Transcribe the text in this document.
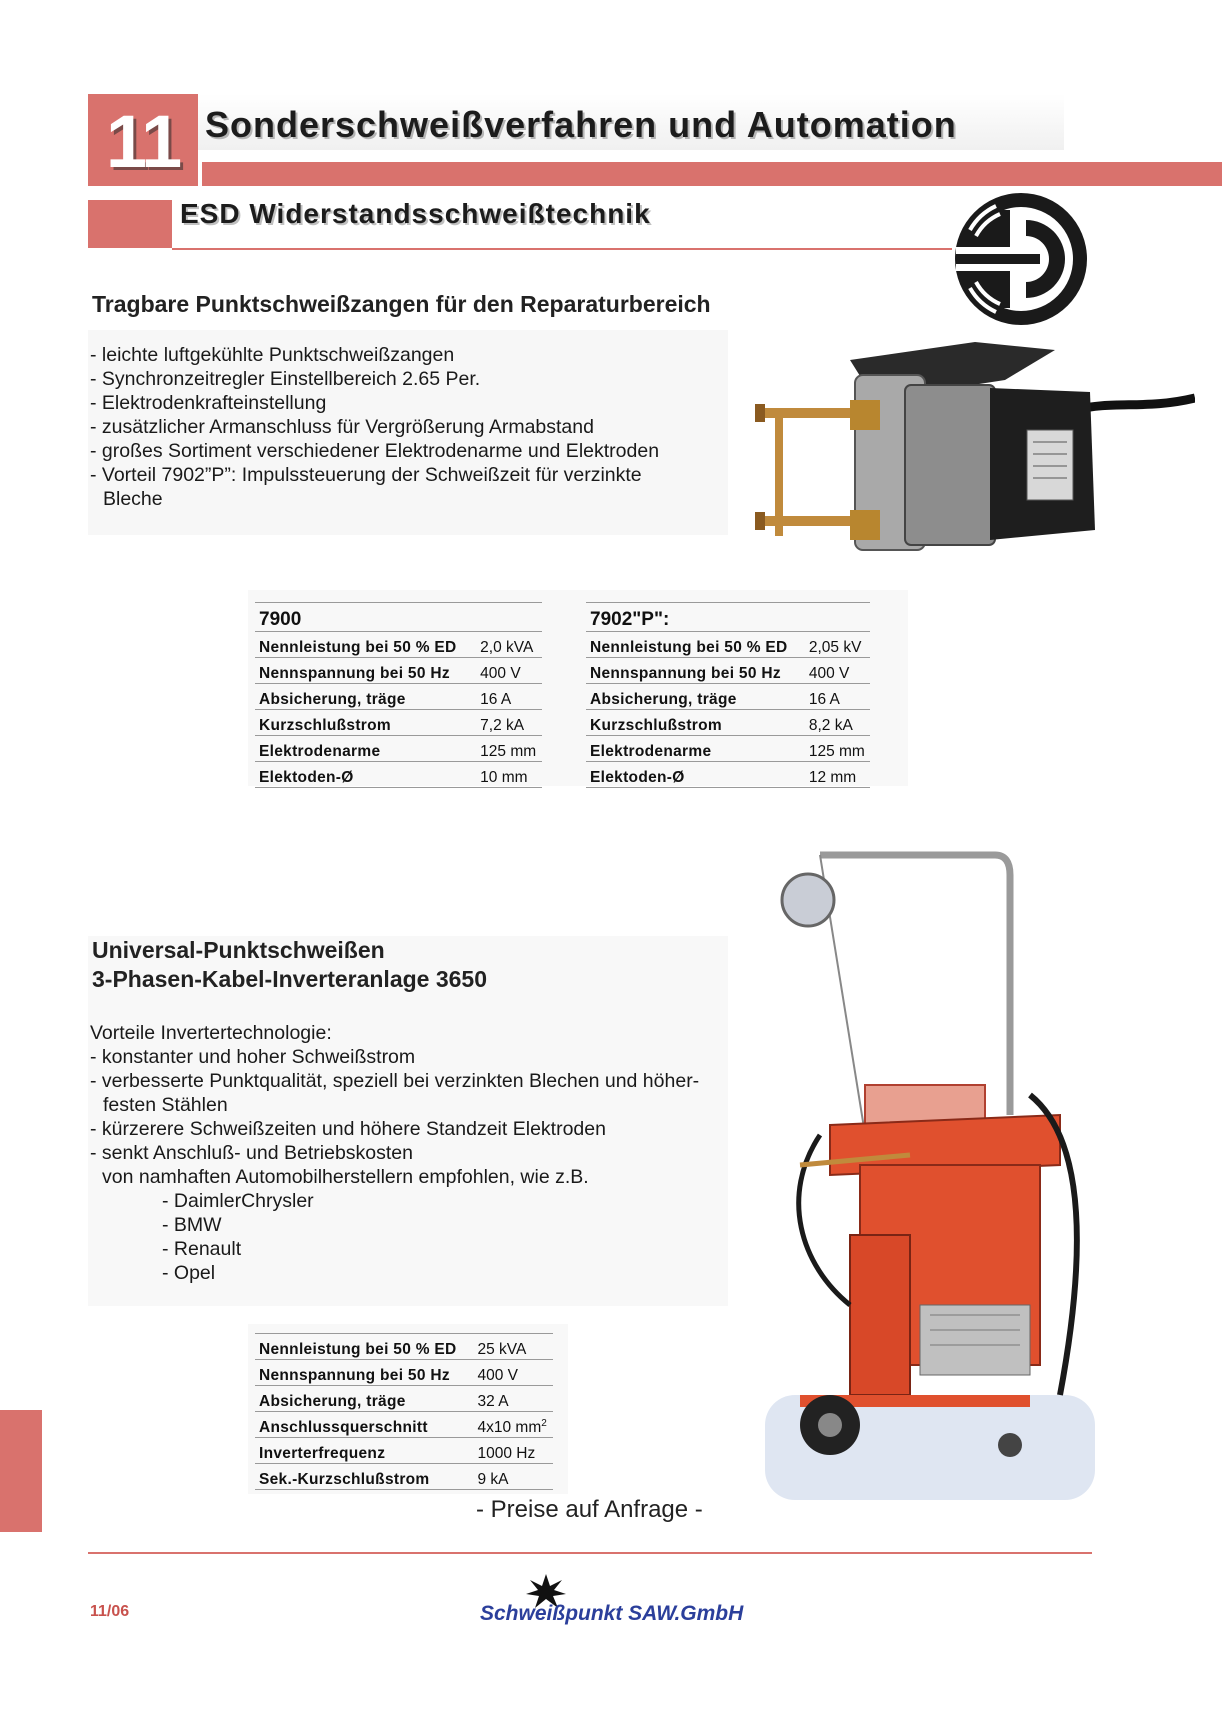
11 Sonderschweißverfahren und Automation
ESD Widerstandsschweißtechnik
Tragbare Punktschweißzangen für den Reparaturbereich
- leichte luftgekühlte Punktschweißzangen
- Synchronzeitregler Einstellbereich 2.65 Per.
- Elektrodenkrafteinstellung
- zusätzlicher Armanschluss für Vergrößerung Armabstand
- großes Sortiment verschiedener Elektrodenarme und Elektroden
- Vorteil 7902”P”: Impulssteuerung der Schweißzeit für verzinkte
Bleche
7900	
Nennleistung bei 50 % ED	2,0 kVA
Nennspannung bei 50 Hz	400 V
Absicherung, träge	16 A
Kurzschlußstrom	7,2 kA
Elektrodenarme	125 mm
Elektoden-Ø	10 mm
7902"P":	
Nennleistung bei 50 % ED	2,05 kV
Nennspannung bei 50 Hz	400 V
Absicherung, träge	16 A
Kurzschlußstrom	8,2 kA
Elektrodenarme	125 mm
Elektoden-Ø	12 mm
Universal-Punktschweißen
3-Phasen-Kabel-Inverteranlage 3650
Vorteile Invertertechnologie:
- konstanter und hoher Schweißstrom
- verbesserte Punktqualität, speziell bei verzinkten Blechen und höher-
festen Stählen
- kürzerere Schweißzeiten und höhere Standzeit Elektroden
- senkt Anschluß- und Betriebskosten
von namhaften Automobilherstellern empfohlen, wie z.B.
- DaimlerChrysler
- BMW
- Renault
- Opel
Nennleistung bei 50 % ED	25 kVA
Nennspannung bei 50 Hz	400 V
Absicherung, träge	32 A
Anschlussquerschnitt	4x10 $mm^2$
Inverterfrequenz	1000 Hz
Sek.-Kurzschlußstrom	9 kA
- Preise auf Anfrage -
11/06	Schweißpunkt SAW.GmbH
